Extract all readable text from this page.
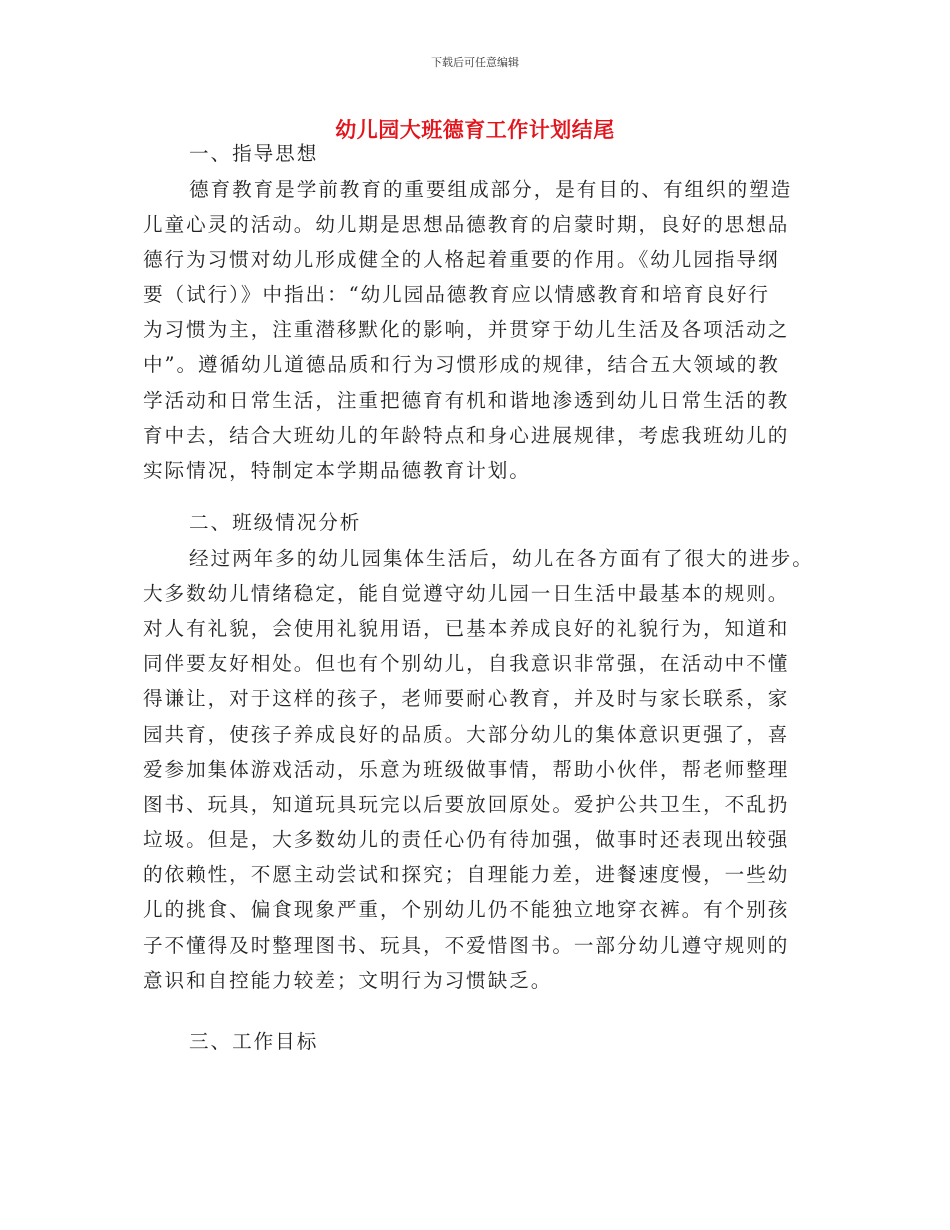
下载后可任意编辑
幼儿园大班德育工作计划结尾
一、指导思想
德育教育是学前教育的重要组成部分，是有目的、有组织的塑造
儿童心灵的活动。幼儿期是思想品德教育的启蒙时期，良好的思想品
德行为习惯对幼儿形成健全的人格起着重要的作用。《幼儿园指导纲
要（试行）》中指出：“幼儿园品德教育应以情感教育和培育良好行
为习惯为主，注重潜移默化的影响，并贯穿于幼儿生活及各项活动之
中”。遵循幼儿道德品质和行为习惯形成的规律，结合五大领域的教
学活动和日常生活，注重把德育有机和谐地渗透到幼儿日常生活的教
育中去，结合大班幼儿的年龄特点和身心进展规律，考虑我班幼儿的
实际情况，特制定本学期品德教育计划。
二、班级情况分析
经过两年多的幼儿园集体生活后，幼儿在各方面有了很大的进步。
大多数幼儿情绪稳定，能自觉遵守幼儿园一日生活中最基本的规则。
对人有礼貌，会使用礼貌用语，已基本养成良好的礼貌行为，知道和
同伴要友好相处。但也有个别幼儿，自我意识非常强，在活动中不懂
得谦让，对于这样的孩子，老师要耐心教育，并及时与家长联系，家
园共育，使孩子养成良好的品质。大部分幼儿的集体意识更强了，喜
爱参加集体游戏活动，乐意为班级做事情，帮助小伙伴，帮老师整理
图书、玩具，知道玩具玩完以后要放回原处。爱护公共卫生，不乱扔
垃圾。但是，大多数幼儿的责任心仍有待加强，做事时还表现出较强
的依赖性，不愿主动尝试和探究；自理能力差，进餐速度慢，一些幼
儿的挑食、偏食现象严重，个别幼儿仍不能独立地穿衣裤。有个别孩
子不懂得及时整理图书、玩具，不爱惜图书。一部分幼儿遵守规则的
意识和自控能力较差；文明行为习惯缺乏。
三、工作目标
